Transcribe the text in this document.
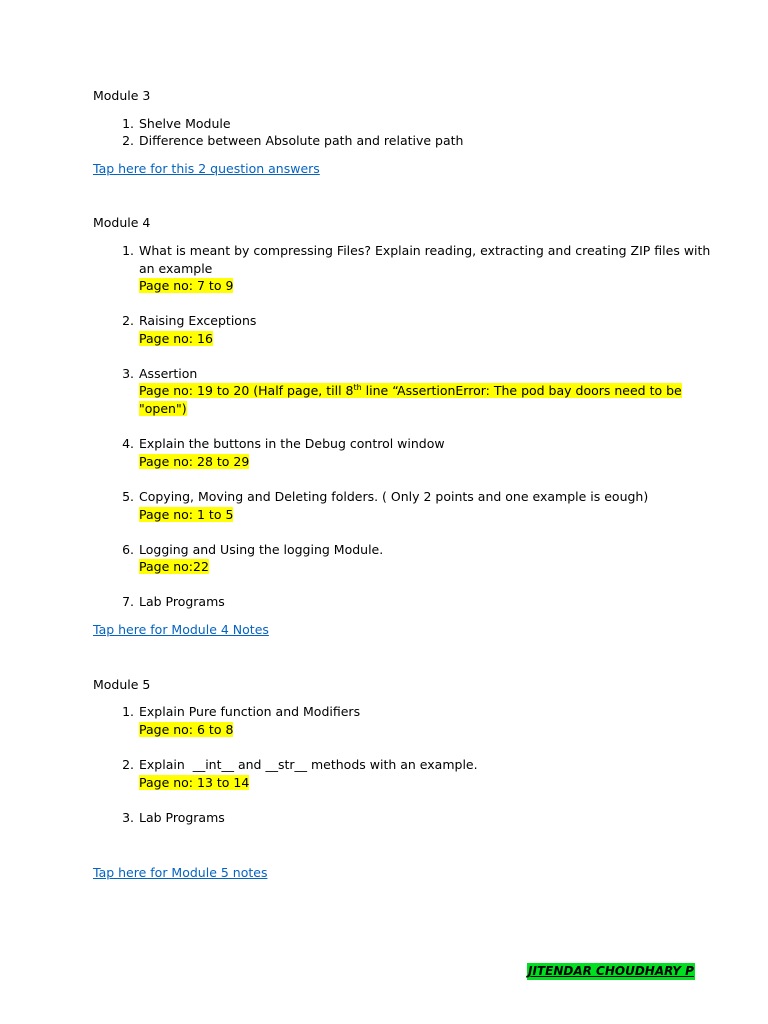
Module 3
1. Shelve Module
2. Difference between Absolute path and relative path
Tap here for this 2 question answers
Module 4
1. What is meant by compressing Files? Explain reading, extracting and creating ZIP files with
an example
Page no: 7 to 9
2. Raising Exceptions
Page no: 16
3. Assertion
Page no: 19 to 20 (Half page, till 8th line “AssertionError: The pod bay doors need to be
"open")
4. Explain the buttons in the Debug control window
Page no: 28 to 29
5. Copying, Moving and Deleting folders. ( Only 2 points and one example is eough)
Page no: 1 to 5
6. Logging and Using the logging Module.
Page no:22
7. Lab Programs
Tap here for Module 4 Notes
Module 5
1. Explain Pure function and Modifiers
Page no: 6 to 8
2. Explain  __int__ and __str__ methods with an example.
Page no: 13 to 14
3. Lab Programs
Tap here for Module 5 notes
JITENDAR CHOUDHARY P
